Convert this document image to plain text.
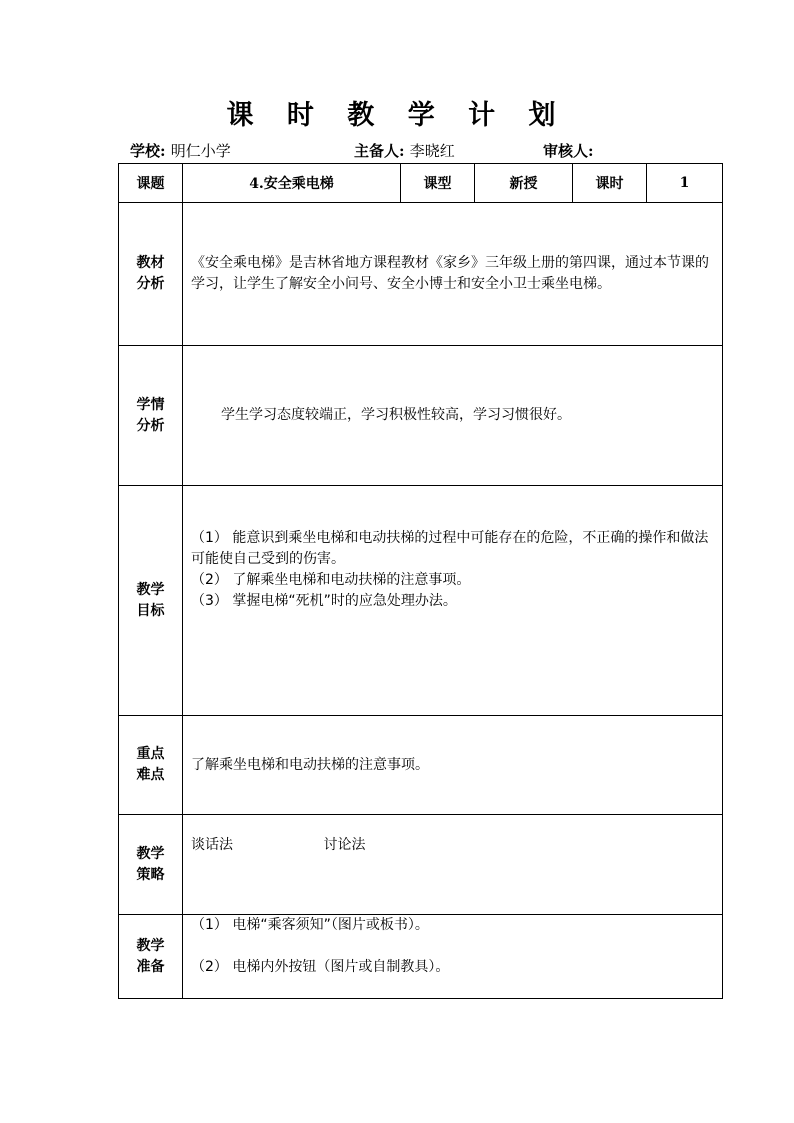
课 时 教 学 计 划
学校: 明仁小学	主备人: 李晓红	审核人:
课题	4.安全乘电梯	课型	新授	课时	1

教材
分析	《安全乘电梯》是吉林省地方课程教材《家乡》三年级上册的第四课，通过本节课的学习，让学生了解安全小问号、安全小博士和安全小卫士乘坐电梯。				

学情
分析	学生学习态度较端正，学习积极性较高，学习习惯很好。				

教学
目标	（1） 能意识到乘坐电梯和电动扶梯的过程中可能存在的危险，不正确的操作和做法可能使自己受到的伤害。
（2） 了解乘坐电梯和电动扶梯的注意事项。
（3） 掌握电梯“死机”时的应急处理办法。				

重点
难点	了解乘坐电梯和电动扶梯的注意事项。				

教学
策略	谈话法 讨论法				

教学
准备	（1） 电梯“乘客须知”（图片或板书）。
（2） 电梯内外按钮（图片或自制教具）。				
